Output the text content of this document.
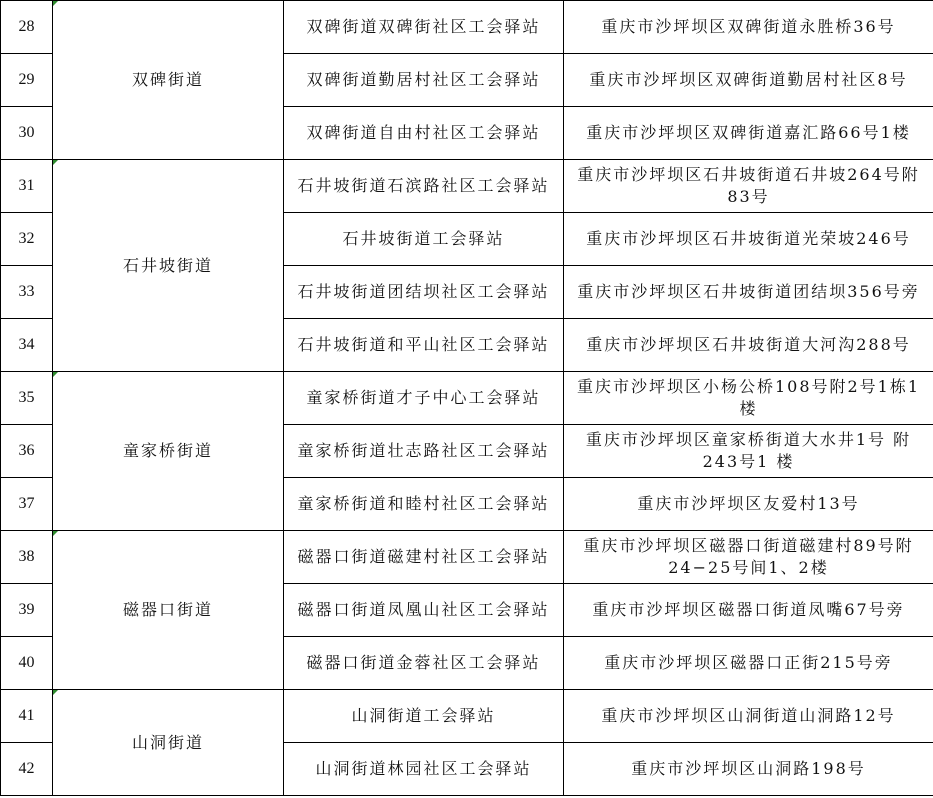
28	双碑街道	双碑街道双碑街社区工会驿站	重庆市沙坪坝区双碑街道永胜桥36号
29		双碑街道勤居村社区工会驿站	重庆市沙坪坝区双碑街道勤居村社区8号
30		双碑街道自由村社区工会驿站	重庆市沙坪坝区双碑街道嘉汇路66号1楼
31	石井坡街道	石井坡街道石滨路社区工会驿站	重庆市沙坪坝区石井坡街道石井坡264号附83号
32		石井坡街道工会驿站	重庆市沙坪坝区石井坡街道光荣坡246号
33		石井坡街道团结坝社区工会驿站	重庆市沙坪坝区石井坡街道团结坝356号旁
34		石井坡街道和平山社区工会驿站	重庆市沙坪坝区石井坡街道大河沟288号
35	童家桥街道	童家桥街道才子中心工会驿站	重庆市沙坪坝区小杨公桥108号附2号1栋1楼
36		童家桥街道壮志路社区工会驿站	重庆市沙坪坝区童家桥街道大水井1号 附243号1 楼
37		童家桥街道和睦村社区工会驿站	重庆市沙坪坝区友爱村13号
38	磁器口街道	磁器口街道磁建村社区工会驿站	重庆市沙坪坝区磁器口街道磁建村89号附24−25号间1、2楼
39		磁器口街道凤凰山社区工会驿站	重庆市沙坪坝区磁器口街道凤嘴67号旁
40		磁器口街道金蓉社区工会驿站	重庆市沙坪坝区磁器口正街215号旁
41	山洞街道	山洞街道工会驿站	重庆市沙坪坝区山洞街道山洞路12号
42		山洞街道林园社区工会驿站	重庆市沙坪坝区山洞路198号
